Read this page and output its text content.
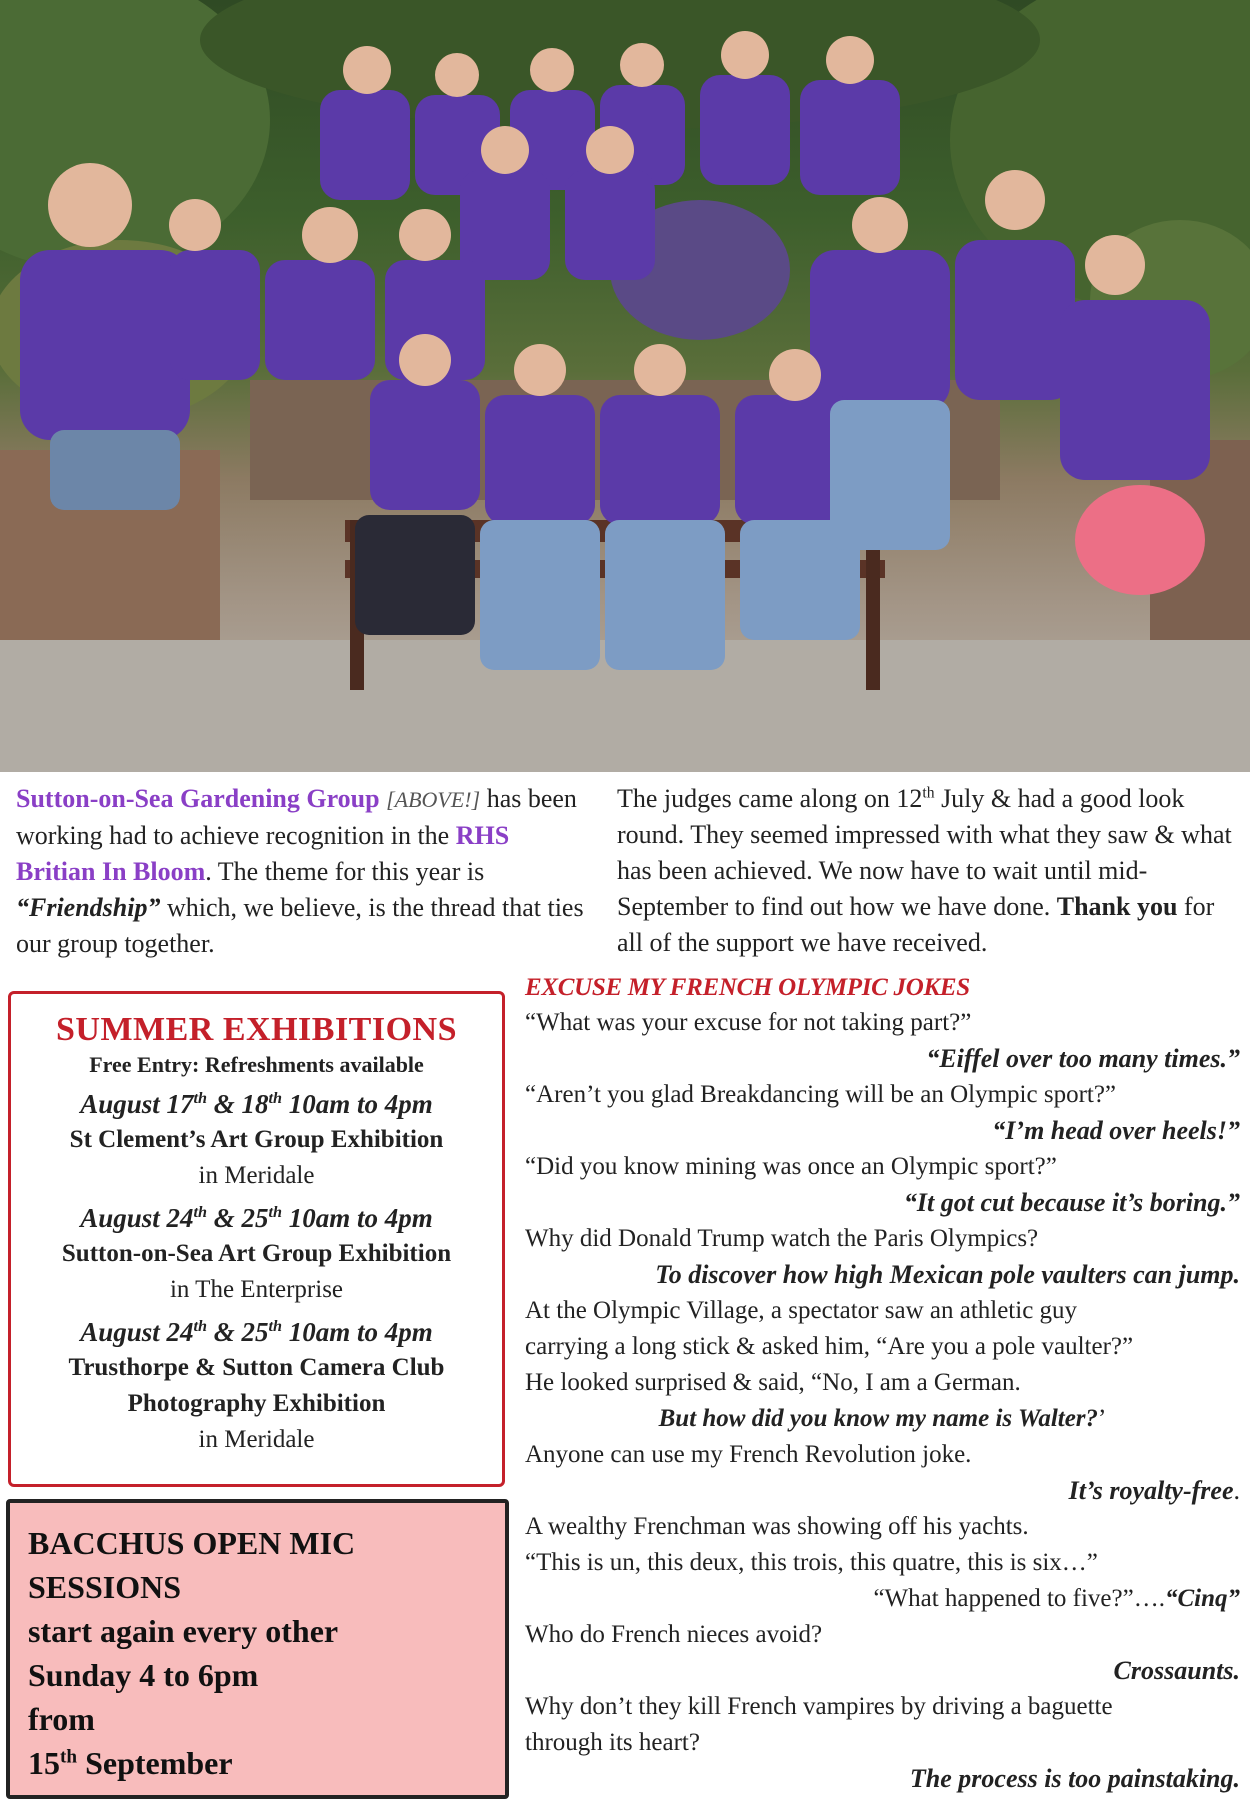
Sutton-on-Sea Gardening Group [ABOVE!] has been working had to achieve recognition in the RHS Britian In Bloom. The theme for this year is “Friendship” which, we believe, is the thread that ties our group together.
The judges came along on 12th July & had a good look round. They seemed impressed with what they saw & what has been achieved. We now have to wait until mid-September to find out how we have done. Thank you for all of the support we have received.
SUMMER EXHIBITIONS
Free Entry: Refreshments available
August 17th & 18th 10am to 4pm
St Clement’s Art Group Exhibition
in Meridale
August 24th & 25th 10am to 4pm
Sutton-on-Sea Art Group Exhibition
in The Enterprise
August 24th & 25th 10am to 4pm
Trusthorpe & Sutton Camera Club
Photography Exhibition
in Meridale
BACCHUS OPEN MIC
SESSIONS
start again every other
Sunday 4 to 6pm
from
15th September
EXCUSE MY FRENCH OLYMPIC JOKES
“What was your excuse for not taking part?”
“Eiffel over too many times.”
“Aren’t you glad Breakdancing will be an Olympic sport?”
“I’m head over heels!”
“Did you know mining was once an Olympic sport?”
“It got cut because it’s boring.”
Why did Donald Trump watch the Paris Olympics?
To discover how high Mexican pole vaulters can jump.
At the Olympic Village, a spectator saw an athletic guy
carrying a long stick & asked him, “Are you a pole vaulter?”
He looked surprised & said, “No, I am a German.
But how did you know my name is Walter?’
Anyone can use my French Revolution joke.
It’s royalty-free.
A wealthy Frenchman was showing off his yachts.
“This is un, this deux, this trois, this quatre, this is six…”
“What happened to five?”….“Cinq”
Who do French nieces avoid?
Crossaunts.
Why don’t they kill French vampires by driving a baguette
through its heart?
The process is too painstaking.
